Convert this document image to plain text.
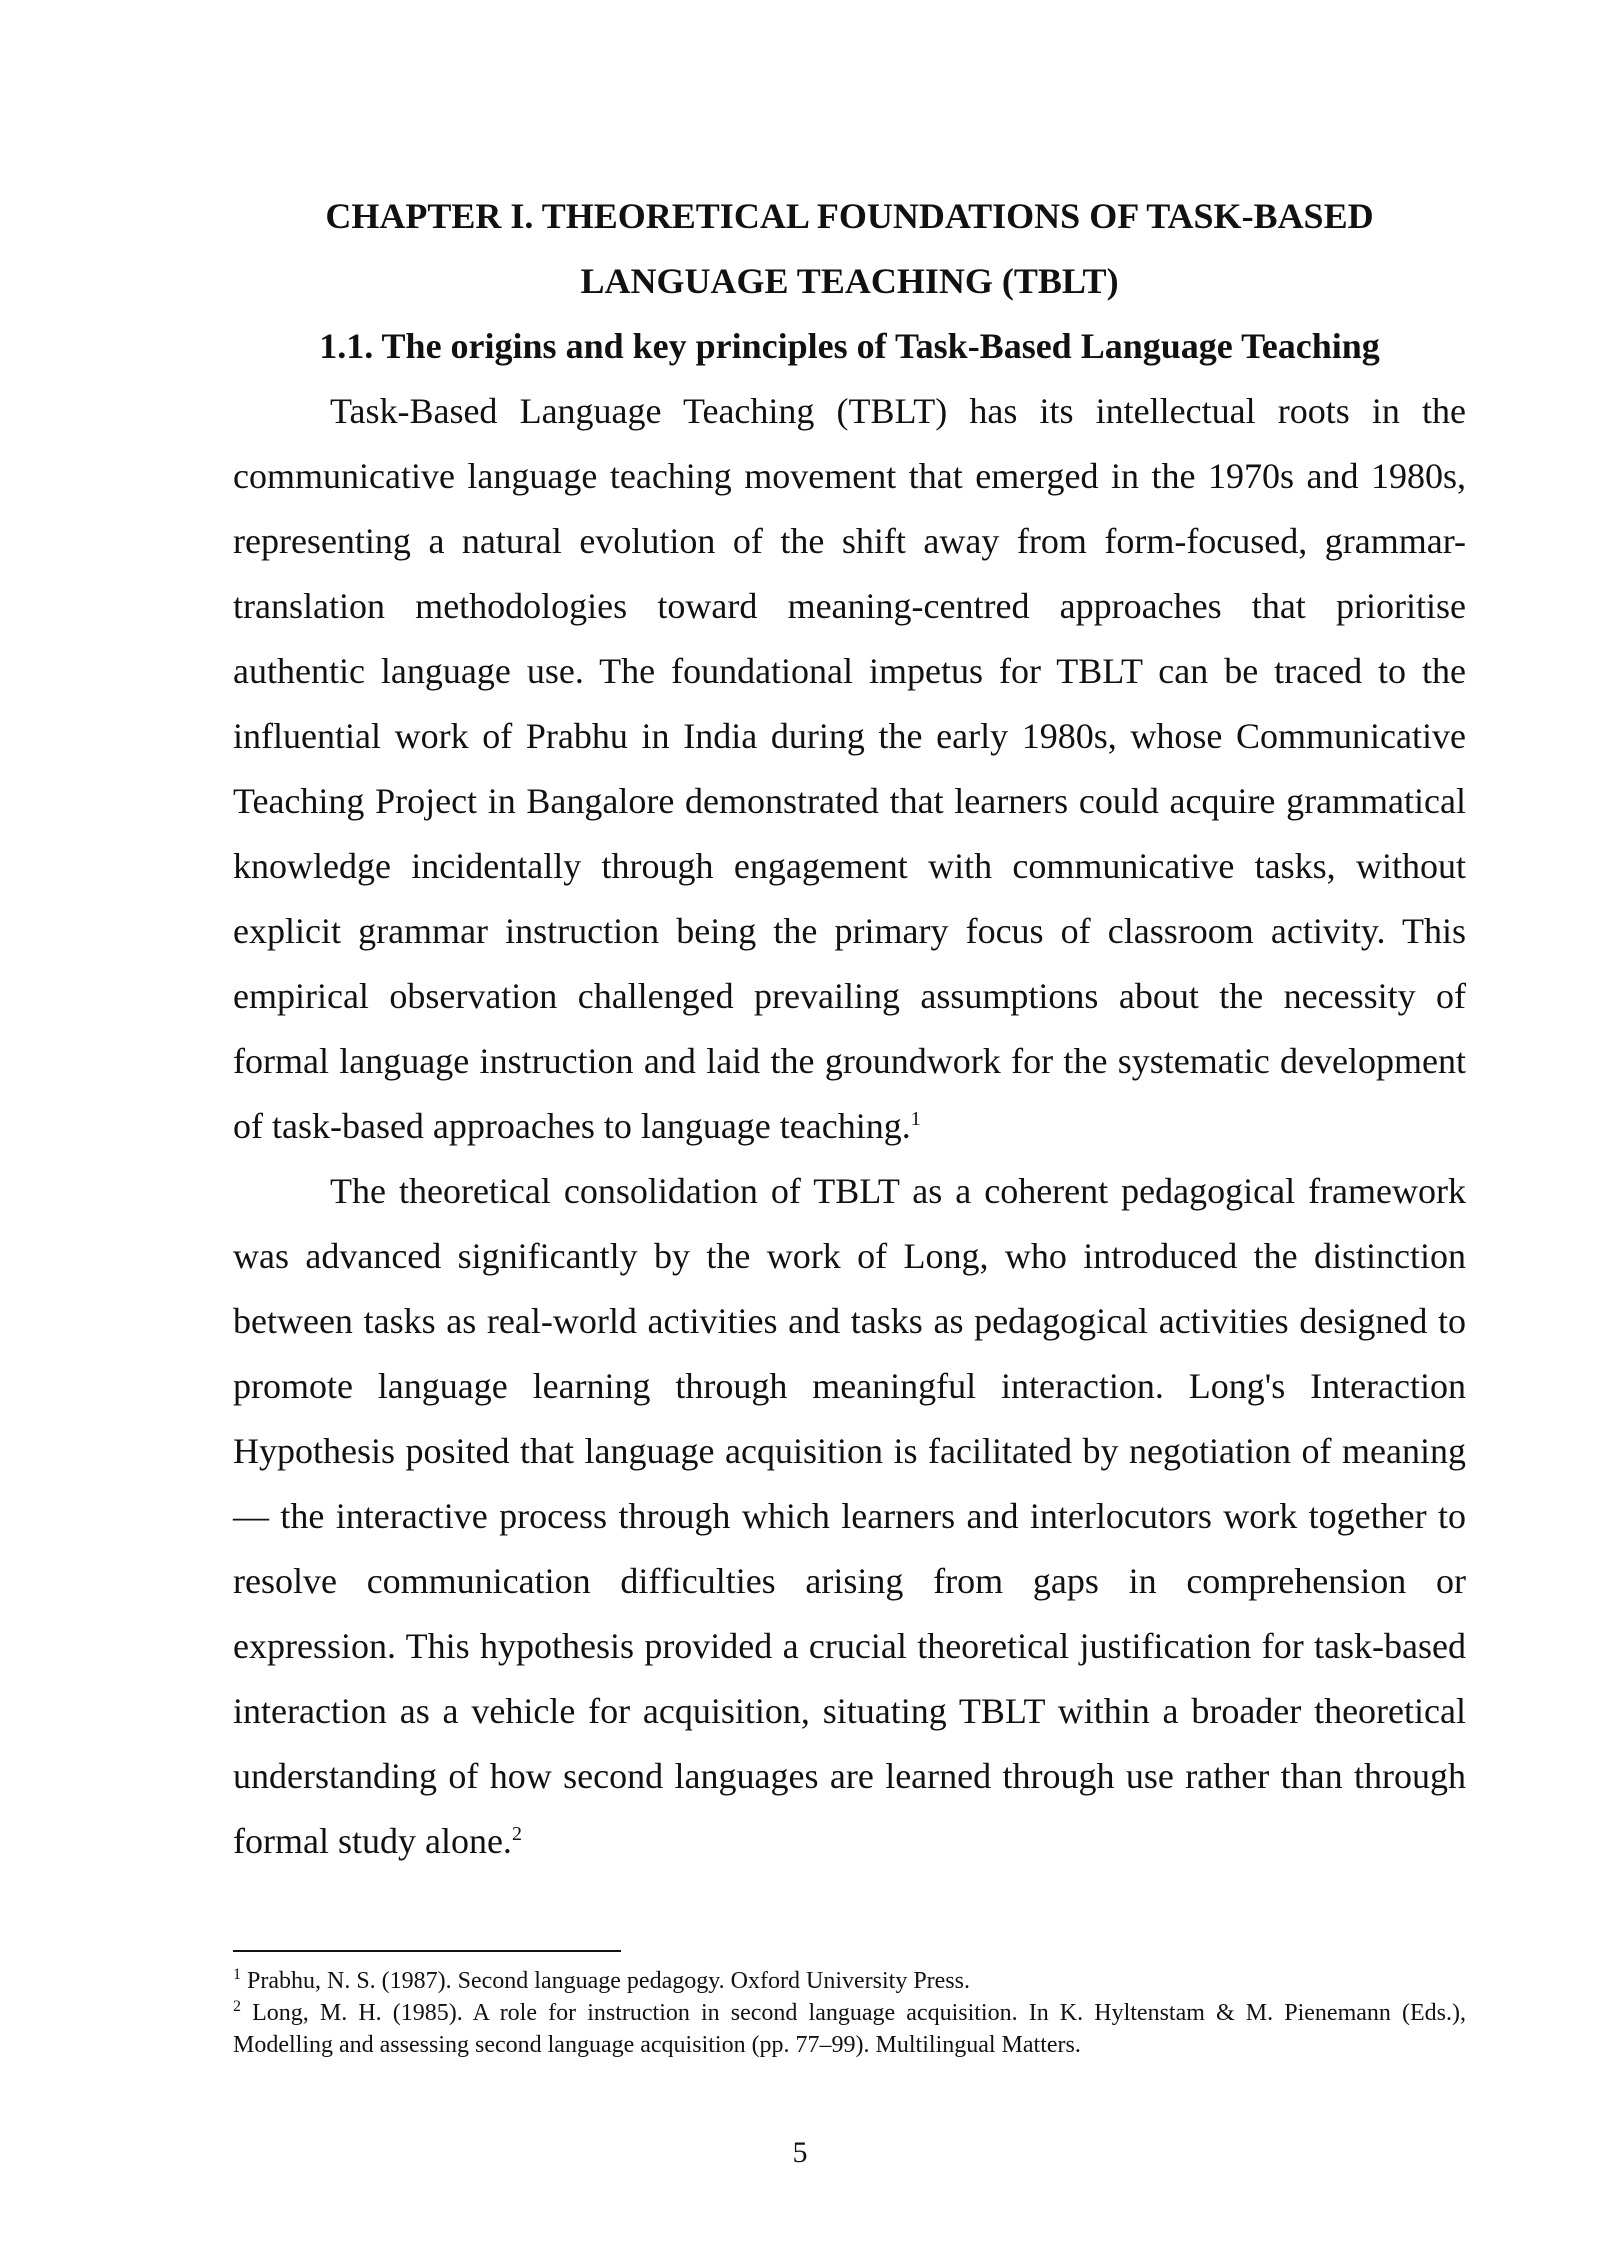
CHAPTER I. THEORETICAL FOUNDATIONS OF TASK-BASED
LANGUAGE TEACHING (TBLT)
1.1. The origins and key principles of Task-Based Language Teaching

Task-Based Language Teaching (TBLT) has its intellectual roots in the communicative language teaching movement that emerged in the 1970s and 1980s, representing a natural evolution of the shift away from form-focused, grammar-translation methodologies toward meaning-centred approaches that prioritise authentic language use. The foundational impetus for TBLT can be traced to the influential work of Prabhu in India during the early 1980s, whose Communicative Teaching Project in Bangalore demonstrated that learners could acquire grammatical knowledge incidentally through engagement with communicative tasks, without explicit grammar instruction being the primary focus of classroom activity. This empirical observation challenged prevailing assumptions about the necessity of formal language instruction and laid the groundwork for the systematic development of task-based approaches to language teaching.$^1$

The theoretical consolidation of TBLT as a coherent pedagogical framework was advanced significantly by the work of Long, who introduced the distinction between tasks as real-world activities and tasks as pedagogical activities designed to promote language learning through meaningful interaction. Long's Interaction Hypothesis posited that language acquisition is facilitated by negotiation of meaning — the interactive process through which learners and interlocutors work together to resolve communication difficulties arising from gaps in comprehension or expression. This hypothesis provided a crucial theoretical justification for task-based interaction as a vehicle for acquisition, situating TBLT within a broader theoretical understanding of how second languages are learned through use rather than through formal study alone.$^2$

$^1$ Prabhu, N. S. (1987). Second language pedagogy. Oxford University Press.

$^2$ Long, M. H. (1985). A role for instruction in second language acquisition. In K. Hyltenstam & M. Pienemann (Eds.), Modelling and assessing second language acquisition (pp. 77–99). Multilingual Matters.

5
